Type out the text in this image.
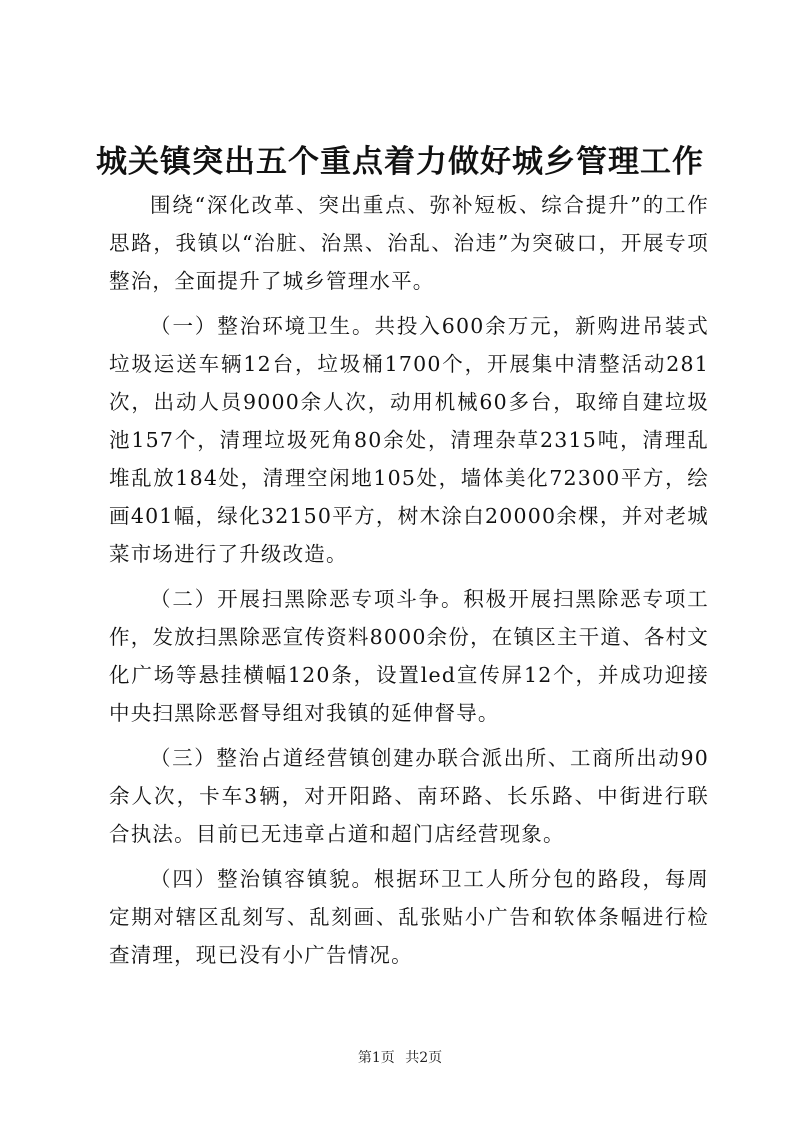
城关镇突出五个重点着力做好城乡管理工作

围绕“深化改革、突出重点、弥补短板、综合提升”的工作思路，我镇以“治脏、治黑、治乱、治违”为突破口，开展专项整治，全面提升了城乡管理水平。

（一）整治环境卫生。共投入600余万元，新购进吊装式垃圾运送车辆12台，垃圾桶1700个，开展集中清整活动281次，出动人员9000余人次，动用机械60多台，取缔自建垃圾池157个，清理垃圾死角80余处，清理杂草2315吨，清理乱堆乱放184处，清理空闲地105处，墙体美化72300平方，绘画401幅，绿化32150平方，树木涂白20000余棵，并对老城菜市场进行了升级改造。

（二）开展扫黑除恶专项斗争。积极开展扫黑除恶专项工作，发放扫黑除恶宣传资料8000余份，在镇区主干道、各村文化广场等悬挂横幅120条，设置led宣传屏12个，并成功迎接中央扫黑除恶督导组对我镇的延伸督导。

（三）整治占道经营镇创建办联合派出所、工商所出动90余人次，卡车3辆，对开阳路、南环路、长乐路、中街进行联合执法。目前已无违章占道和超门店经营现象。

（四）整治镇容镇貌。根据环卫工人所分包的路段，每周定期对辖区乱刻写、乱刻画、乱张贴小广告和软体条幅进行检查清理，现已没有小广告情况。

第1页 共2页
